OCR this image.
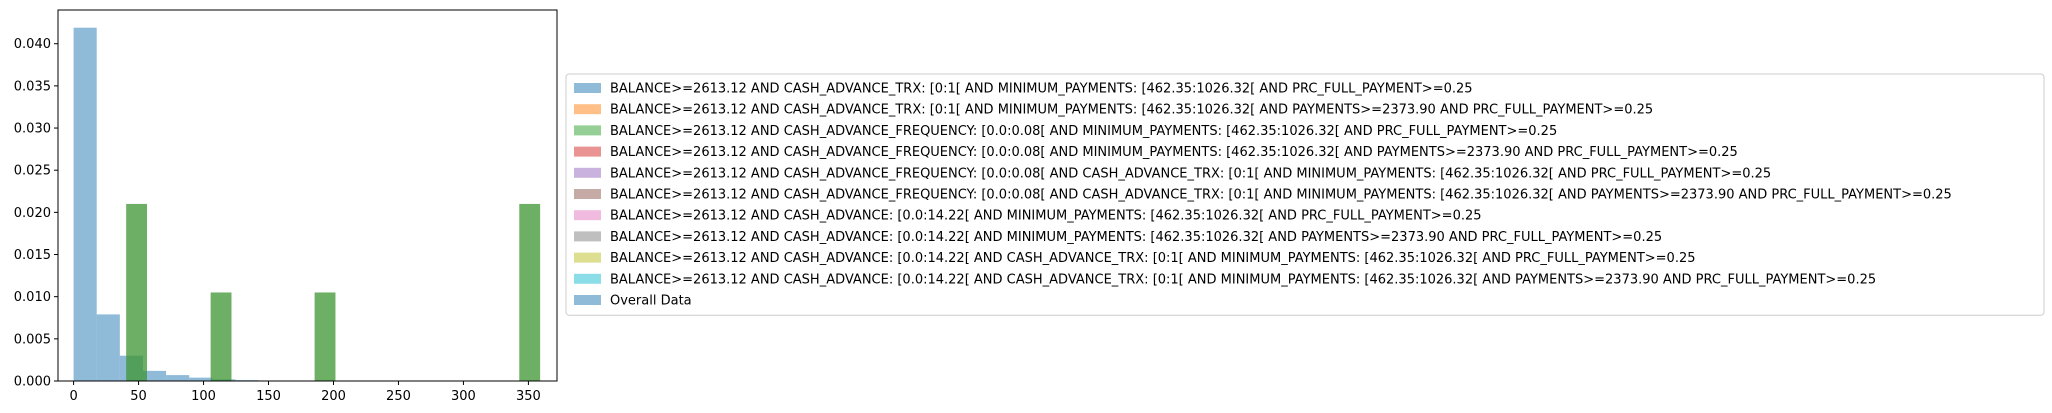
0	50	100	150	200	250	300	350
0.000
0.005
0.010
0.015
0.020
0.025
0.030
0.035
0.040
BALANCE>=2613.12 AND CASH_ADVANCE_TRX: [0:1[ AND MINIMUM_PAYMENTS: [462.35:1026.32[ AND PRC_FULL_PAYMENT>=0.25
BALANCE>=2613.12 AND CASH_ADVANCE_TRX: [0:1[ AND MINIMUM_PAYMENTS: [462.35:1026.32[ AND PAYMENTS>=2373.90 AND PRC_FULL_PAYMENT>=0.25
BALANCE>=2613.12 AND CASH_ADVANCE_FREQUENCY: [0.0:0.08[ AND MINIMUM_PAYMENTS: [462.35:1026.32[ AND PRC_FULL_PAYMENT>=0.25
BALANCE>=2613.12 AND CASH_ADVANCE_FREQUENCY: [0.0:0.08[ AND MINIMUM_PAYMENTS: [462.35:1026.32[ AND PAYMENTS>=2373.90 AND PRC_FULL_PAYMENT>=0.25
BALANCE>=2613.12 AND CASH_ADVANCE_FREQUENCY: [0.0:0.08[ AND CASH_ADVANCE_TRX: [0:1[ AND MINIMUM_PAYMENTS: [462.35:1026.32[ AND PRC_FULL_PAYMENT>=0.25
BALANCE>=2613.12 AND CASH_ADVANCE_FREQUENCY: [0.0:0.08[ AND CASH_ADVANCE_TRX: [0:1[ AND MINIMUM_PAYMENTS: [462.35:1026.32[ AND PAYMENTS>=2373.90 AND PRC_FULL_PAYMENT>=0.25
BALANCE>=2613.12 AND CASH_ADVANCE: [0.0:14.22[ AND MINIMUM_PAYMENTS: [462.35:1026.32[ AND PRC_FULL_PAYMENT>=0.25
BALANCE>=2613.12 AND CASH_ADVANCE: [0.0:14.22[ AND MINIMUM_PAYMENTS: [462.35:1026.32[ AND PAYMENTS>=2373.90 AND PRC_FULL_PAYMENT>=0.25
BALANCE>=2613.12 AND CASH_ADVANCE: [0.0:14.22[ AND CASH_ADVANCE_TRX: [0:1[ AND MINIMUM_PAYMENTS: [462.35:1026.32[ AND PRC_FULL_PAYMENT>=0.25
BALANCE>=2613.12 AND CASH_ADVANCE: [0.0:14.22[ AND CASH_ADVANCE_TRX: [0:1[ AND MINIMUM_PAYMENTS: [462.35:1026.32[ AND PAYMENTS>=2373.90 AND PRC_FULL_PAYMENT>=0.25
Overall Data
